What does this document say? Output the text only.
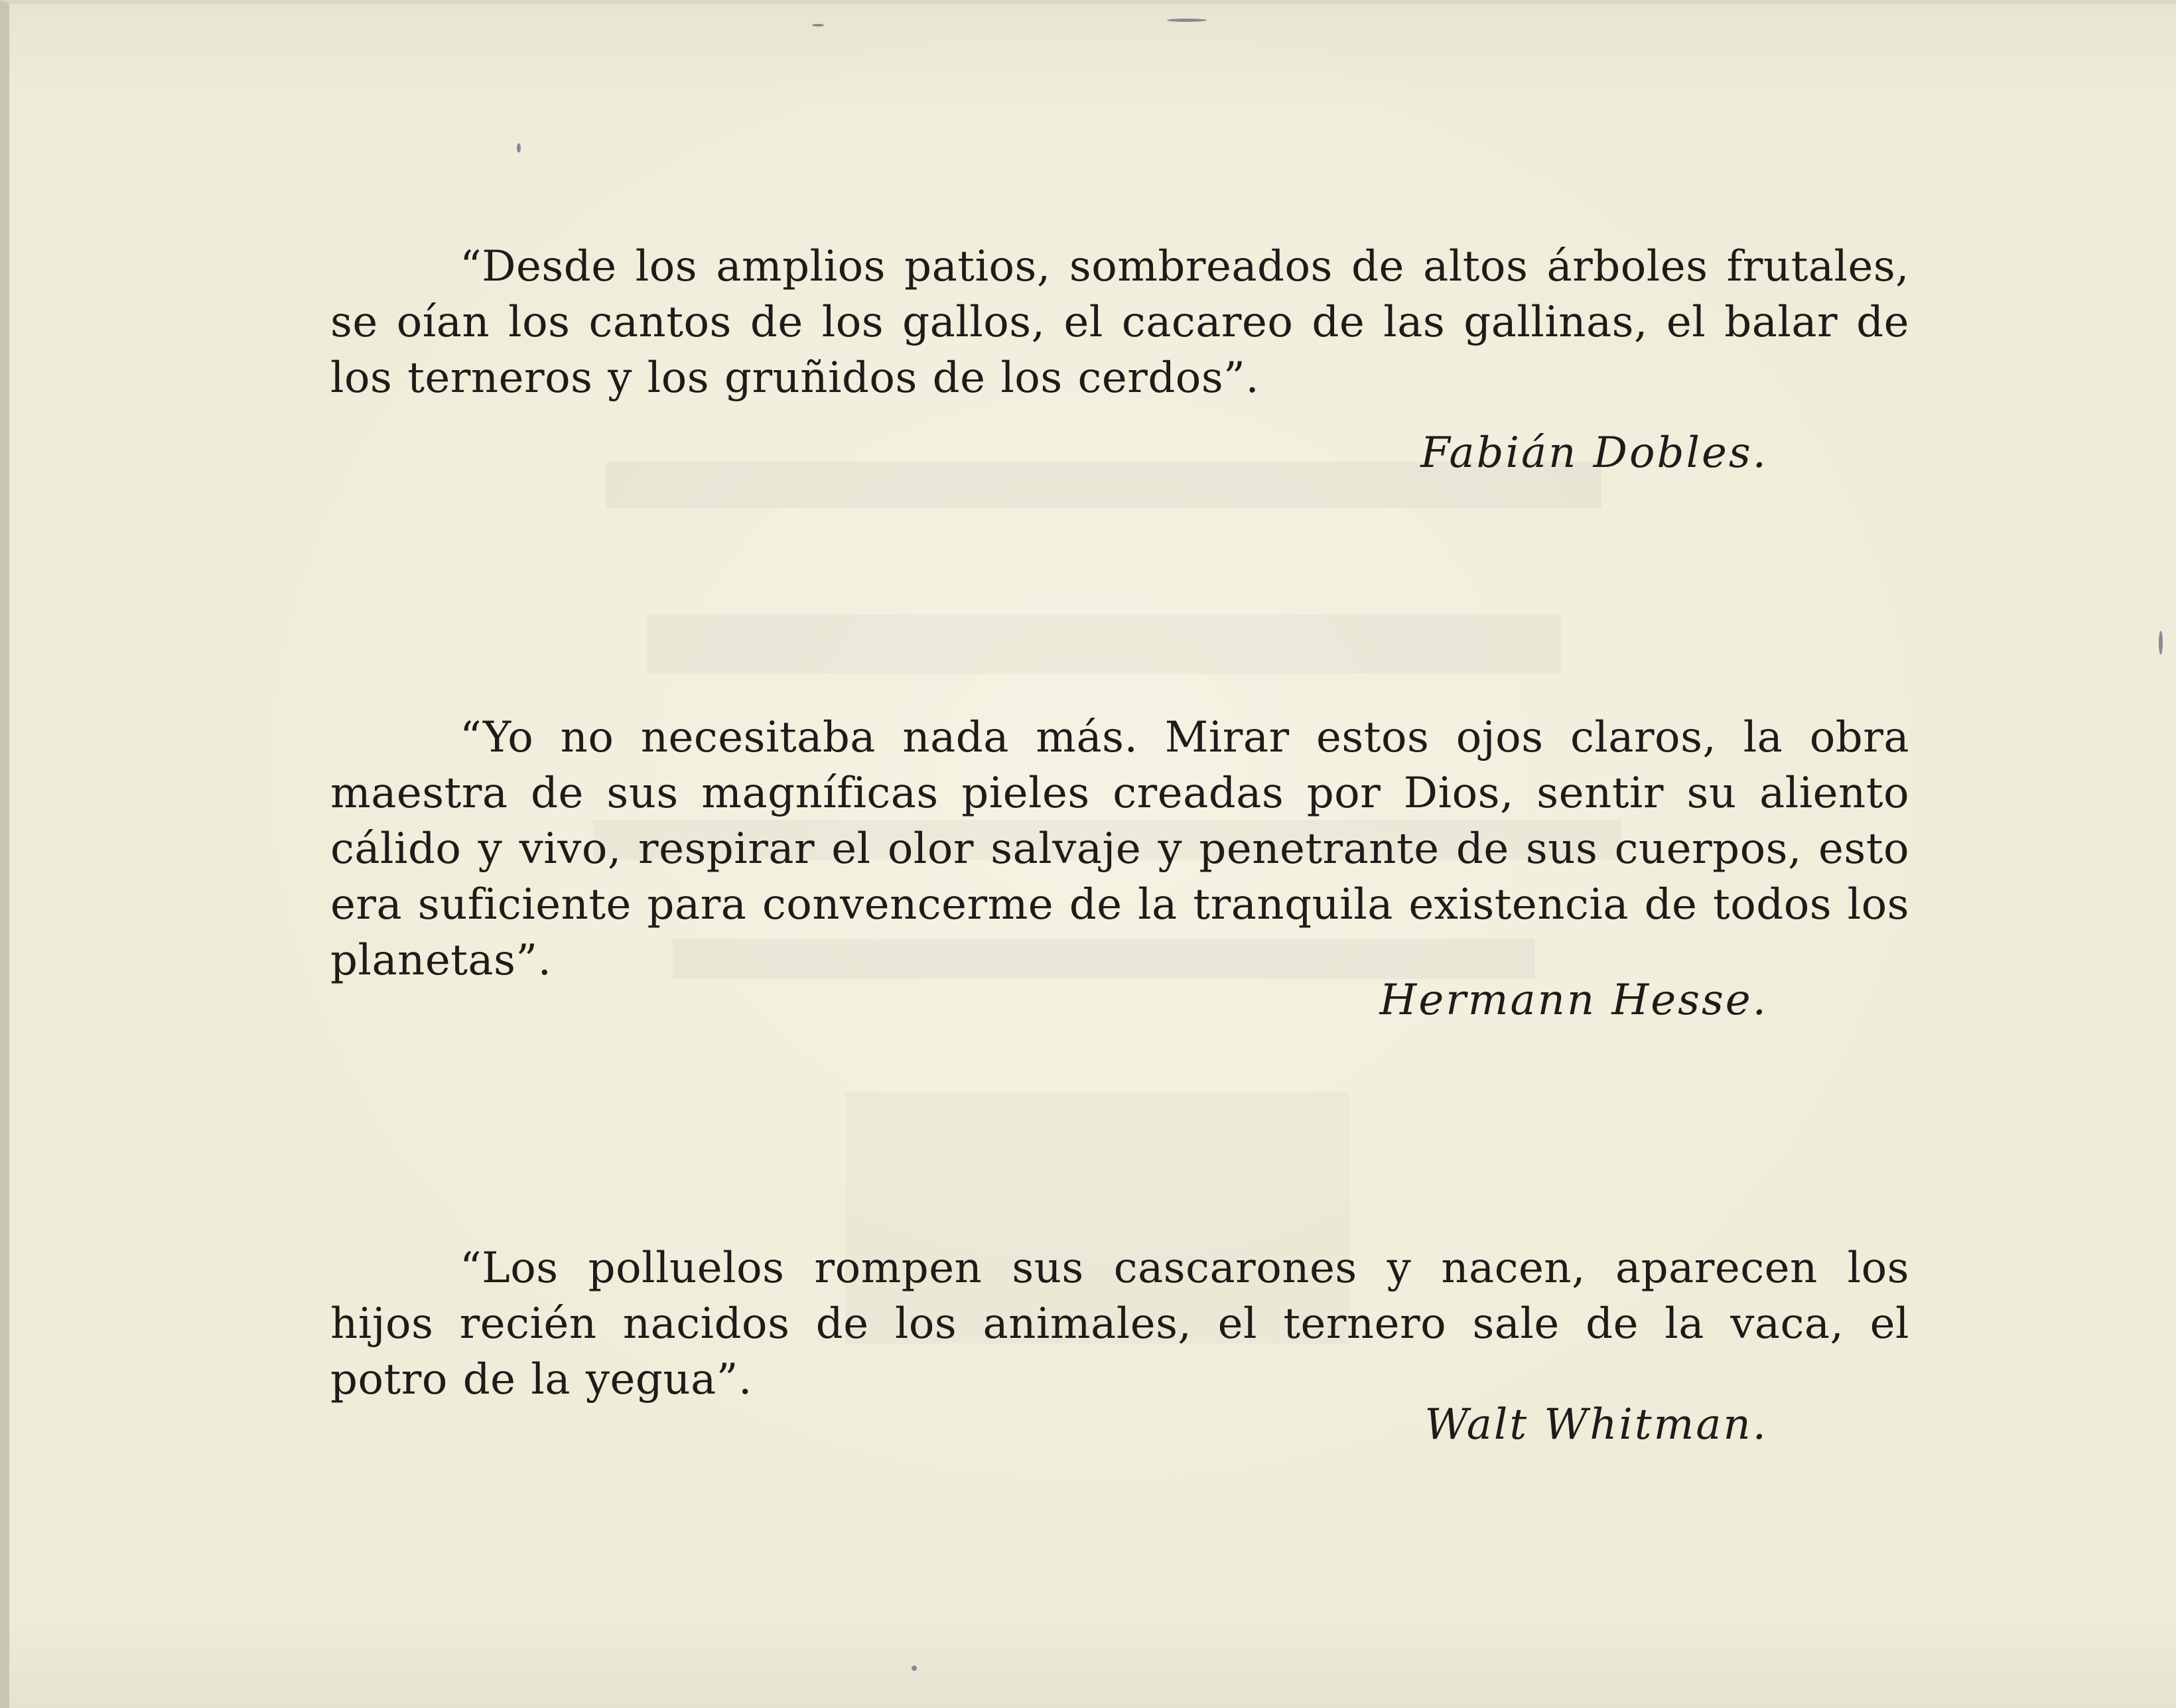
“Desde los amplios patios, sombreados de altos árboles frutales, se oían los cantos de los gallos, el cacareo de las gallinas, el balar de los terneros y los gruñidos de los cerdos”.

Fabián Dobles.

“Yo no necesitaba nada más. Mirar estos ojos claros, la obra maestra de sus magníficas pieles creadas por Dios, sentir su aliento cálido y vivo, respirar el olor salvaje y penetrante de sus cuerpos, esto era suficiente para convencerme de la tranquila existencia de todos los planetas”.

Hermann Hesse.

“Los polluelos rompen sus cascarones y nacen, aparecen los hijos recién nacidos de los animales, el ternero sale de la vaca, el potro de la yegua”.

Walt Whitman.
